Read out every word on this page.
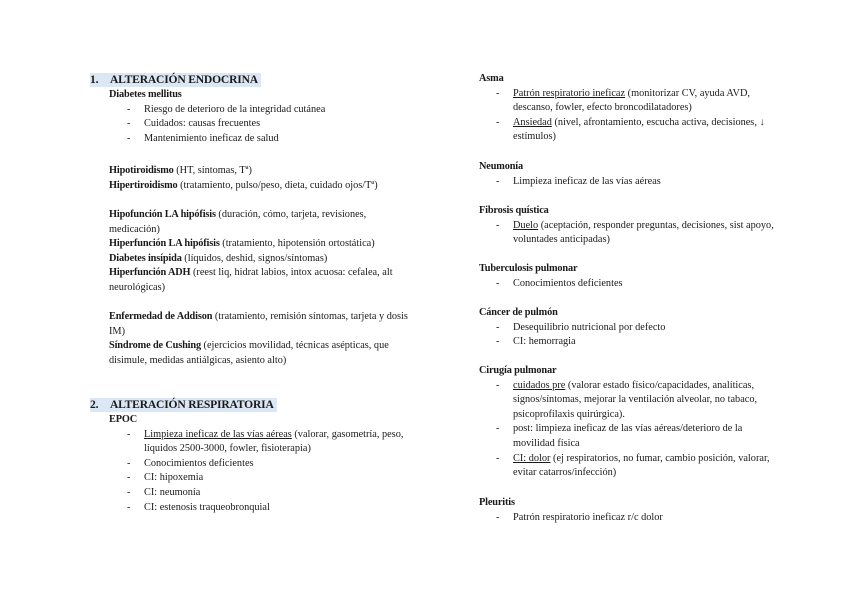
1. ALTERACIÓN ENDOCRINA
Diabetes mellitus
- Riesgo de deterioro de la integridad cutánea
- Cuidados: causas frecuentes
- Mantenimiento ineficaz de salud

Hipotiroidismo (HT, síntomas, Tª)

Hipertiroidismo (tratamiento, pulso/peso, dieta, cuidado ojos/Tª)

Hipofunción LA hipófisis (duración, cómo, tarjeta, revisiones, medicación)

Hiperfunción LA hipófisis (tratamiento, hipotensión ortostática)

Diabetes insípida (líquidos, deshid, signos/síntomas)

Hiperfunción ADH (reest liq, hidrat labios, intox acuosa: cefalea, alt neurológicas)

Enfermedad de Addison (tratamiento, remisión síntomas, tarjeta y dosis IM)

Síndrome de Cushing (ejercicios movilidad, técnicas asépticas, que disimule, medidas antiálgicas, asiento alto)

2. ALTERACIÓN RESPIRATORIA
EPOC
- Limpieza ineficaz de las vías aéreas (valorar, gasometría, peso, líquidos 2500-3000, fowler, fisioterapia)
- Conocimientos deficientes
- CI: hipoxemia
- CI: neumonía
- CI: estenosis traqueobronquial
Asma
- Patrón respiratorio ineficaz (monitorizar CV, ayuda AVD, descanso, fowler, efecto broncodilatadores)
- Ansiedad (nivel, afrontamiento, escucha activa, decisiones, ↓ estímulos)
Neumonía
- Limpieza ineficaz de las vías aéreas
Fibrosis quística
- Duelo (aceptación, responder preguntas, decisiones, sist apoyo, voluntades anticipadas)
Tuberculosis pulmonar
- Conocimientos deficientes
Cáncer de pulmón
- Desequilibrio nutricional por defecto
- CI: hemorragia
Cirugía pulmonar
- cuidados pre (valorar estado físico/capacidades, analíticas, signos/síntomas, mejorar la ventilación alveolar, no tabaco, psicoprofilaxis quirúrgica).
- post: limpieza ineficaz de las vías aéreas/deterioro de la movilidad física
- CI: dolor (ej respiratorios, no fumar, cambio posición, valorar, evitar catarros/infección)
Pleuritis
- Patrón respiratorio ineficaz r/c dolor
